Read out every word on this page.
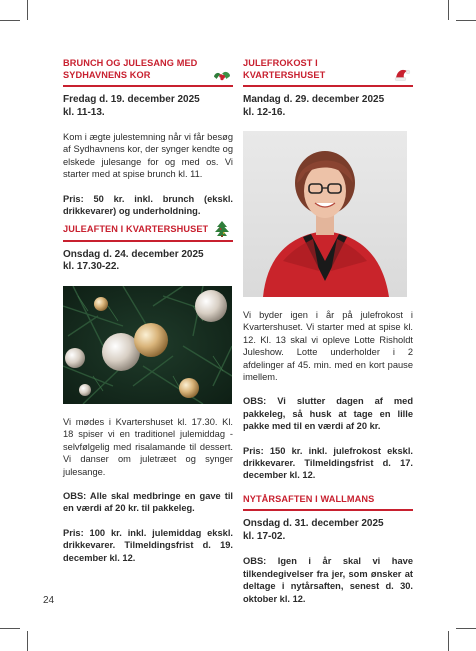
BRUNCH OG JULESANG MED SYDHAVNENS KOR
Fredag d. 19. december 2025
kl. 11-13.

Kom i ægte julestemning når vi får besøg af Sydhavnens kor, der synger kendte og elskede julesange for og med os. Vi starter med at spise brunch kl. 11.

Pris: 50 kr. inkl. brunch (ekskl. drikkevarer) og underholdning.

JULEAFTEN I KVARTERSHUSET
Onsdag d. 24. december 2025
kl. 17.30-22.

Vi mødes i Kvartershuset kl. 17.30. Kl. 18 spiser vi en traditionel julemiddag - selvfølgelig med risalamande til dessert. Vi danser om juletræet og synger julesange.

OBS: Alle skal medbringe en gave til en værdi af 20 kr. til pakkeleg.

Pris: 100 kr. inkl. julemiddag ekskl. drikkevarer. Tilmeldingsfrist d. 19. december kl. 12.

JULEFROKOST I KVARTERSHUSET
Mandag d. 29. december 2025
kl. 12-16.

Vi byder igen i år på julefrokost i Kvartershuset. Vi starter med at spise kl. 12. Kl. 13 skal vi opleve Lotte Risholdt Juleshow. Lotte underholder i 2 afdelinger af 45. min. med en kort pause imellem.

OBS: Vi slutter dagen af med pakkeleg, så husk at tage en lille pakke med til en værdi af 20 kr.

Pris: 150 kr. inkl. julefrokost ekskl. drikkevarer. Tilmeldingsfrist d. 17. december kl. 12.

NYTÅRSAFTEN I WALLMANS
Onsdag d. 31. december 2025
kl. 17-02.

OBS: Igen i år skal vi have tilkendegivelser fra jer, som ønsker at deltage i nytårsaften, senest d. 30. oktober kl. 12.

24
